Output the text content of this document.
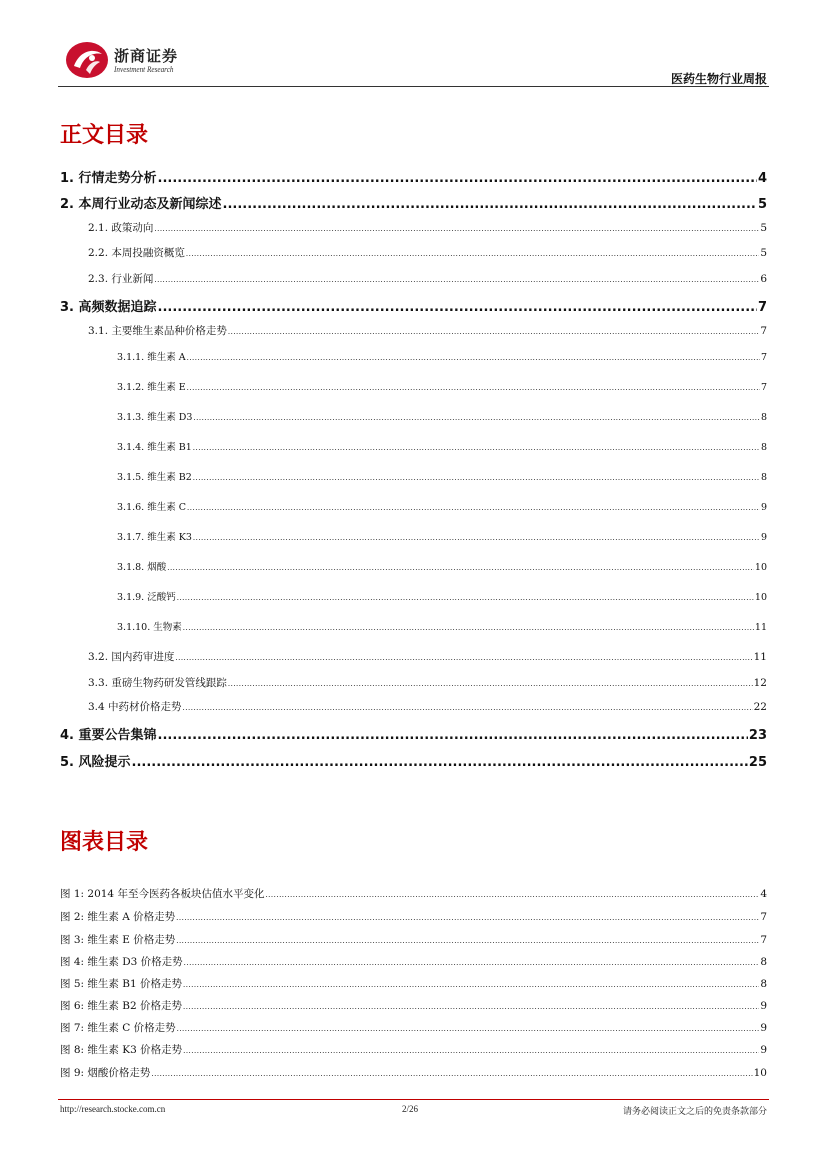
浙商证券
Investment Research
医药生物行业周报
正文目录
1. 行情走势分析 .....	4
2. 本周行业动态及新闻综述 .....	5
2.1. 政策动向 .....	5
2.2. 本周投融资概览 .....	5
2.3. 行业新闻 .....	6
3. 高频数据追踪 .....	7
3.1. 主要维生素品种价格走势 .....	7
3.1.1. 维生素 A .....	7
3.1.2. 维生素 E .....	7
3.1.3. 维生素 D3 .....	8
3.1.4. 维生素 B1 .....	8
3.1.5. 维生素 B2 .....	8
3.1.6. 维生素 C .....	9
3.1.7. 维生素 K3 .....	9
3.1.8. 烟酸 .....	10
3.1.9. 泛酸钙 .....	10
3.1.10. 生物素 .....	11
3.2. 国内药审进度 .....	11
3.3. 重磅生物药研发管线跟踪 .....	12
3.4 中药材价格走势 .....	22
4. 重要公告集锦 .....	23
5. 风险提示 .....	25
图表目录
图 1: 2014 年至今医药各板块估值水平变化 .....	4
图 2: 维生素 A 价格走势 .....	7
图 3: 维生素 E 价格走势 .....	7
图 4: 维生素 D3 价格走势 .....	8
图 5: 维生素 B1 价格走势 .....	8
图 6: 维生素 B2 价格走势 .....	9
图 7: 维生素 C 价格走势 .....	9
图 8: 维生素 K3 价格走势 .....	9
图 9: 烟酸价格走势 .....	10
http://research.stocke.com.cn	2/26	请务必阅读正文之后的免责条款部分
